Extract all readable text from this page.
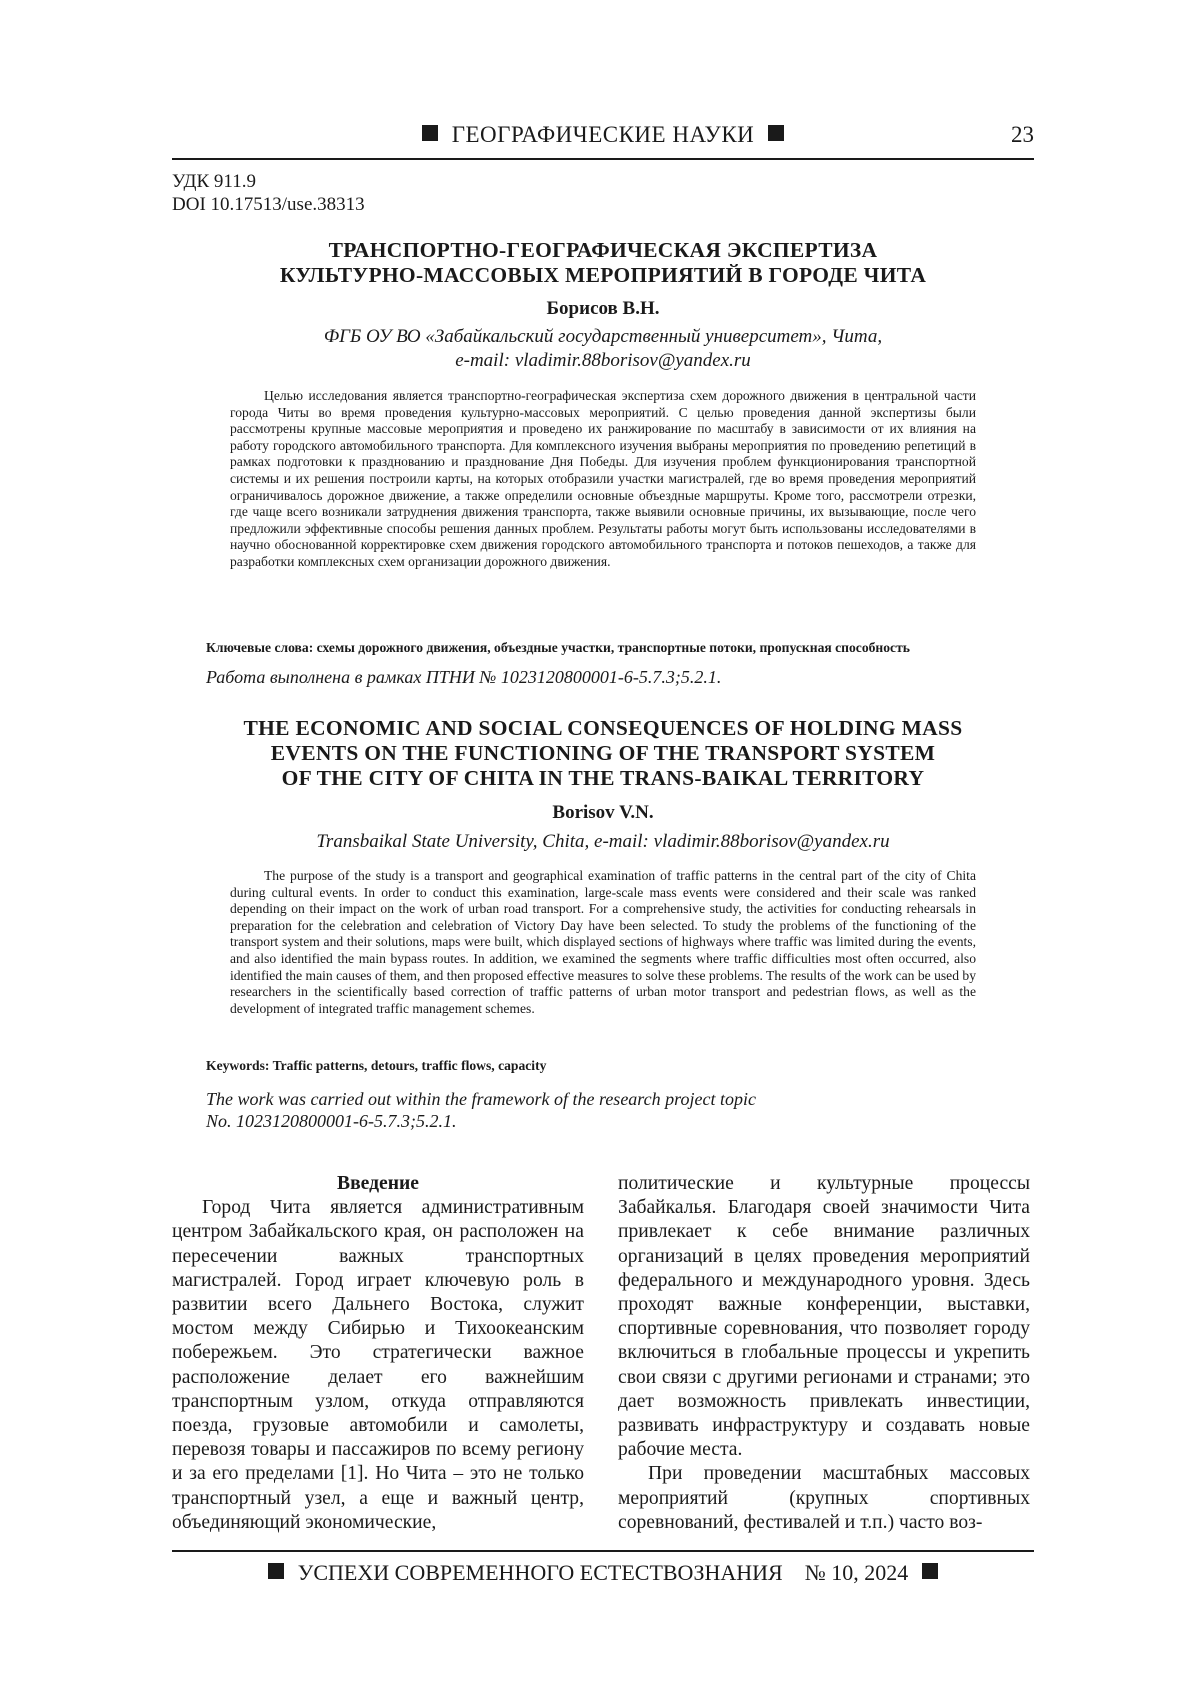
ГЕОГРАФИЧЕСКИЕ НАУКИ	23
УДК 911.9
DOI 10.17513/use.38313
ТРАНСПОРТНО-ГЕОГРАФИЧЕСКАЯ ЭКСПЕРТИЗА
КУЛЬТУРНО-МАССОВЫХ МЕРОПРИЯТИЙ В ГОРОДЕ ЧИТА
Борисов В.Н.
ФГБ ОУ ВО «Забайкальский государственный университет», Чита,
e-mail: vladimir.88borisov@yandex.ru

Целью исследования является транспортно-географическая экспертиза схем дорожного движения в центральной части города Читы во время проведения культурно-массовых мероприятий. С целью проведения данной экспертизы были рассмотрены крупные массовые мероприятия и проведено их ранжирование по масштабу в зависимости от их влияния на работу городского автомобильного транспорта. Для комплексного изучения выбраны мероприятия по проведению репетиций в рамках подготовки к празднованию и празднование Дня Победы. Для изучения проблем функционирования транспортной системы и их решения построили карты, на которых отобразили участки магистралей, где во время проведения мероприятий ограничивалось дорожное движение, а также определили основные объездные маршруты. Кроме того, рассмотрели отрезки, где чаще всего возникали затруднения движения транспорта, также выявили основные причины, их вызывающие, после чего предложили эффективные способы решения данных проблем. Результаты работы могут быть использованы исследователями в научно обоснованной корректировке схем движения городского автомобильного транспорта и потоков пешеходов, а также для разработки комплексных схем организации дорожного движения.

Ключевые слова: схемы дорожного движения, объездные участки, транспортные потоки, пропускная способность
Работа выполнена в рамках ПТНИ № 1023120800001-6-5.7.3;5.2.1.
THE ECONOMIC AND SOCIAL CONSEQUENCES OF HOLDING MASS
EVENTS ON THE FUNCTIONING OF THE TRANSPORT SYSTEM
OF THE CITY OF CHITA IN THE TRANS-BAIKAL TERRITORY
Borisov V.N.
Transbaikal State University, Chita, e-mail: vladimir.88borisov@yandex.ru

The purpose of the study is a transport and geographical examination of traffic patterns in the central part of the city of Chita during cultural events. In order to conduct this examination, large-scale mass events were considered and their scale was ranked depending on their impact on the work of urban road transport. For a comprehensive study, the activities for conducting rehearsals in preparation for the celebration and celebration of Victory Day have been selected. To study the problems of the functioning of the transport system and their solutions, maps were built, which displayed sections of highways where traffic was limited during the events, and also identified the main bypass routes. In addition, we examined the segments where traffic difficulties most often occurred, also identified the main causes of them, and then proposed effective measures to solve these problems. The results of the work can be used by researchers in the scientifically based correction of traffic patterns of urban motor transport and pedestrian flows, as well as the development of integrated traffic management schemes.

Keywords: Traffic patterns, detours, traffic flows, capacity
The work was carried out within the framework of the research project topic
No. 1023120800001-6-5.7.3;5.2.1.
Введение

Город Чита является административным центром Забайкальского края, он расположен на пересечении важных транспортных магистралей. Город играет ключевую роль в развитии всего Дальнего Востока, служит мостом между Сибирью и Тихоокеанским побережьем. Это стратегически важное расположение делает его важнейшим транспортным узлом, откуда отправляются поезда, грузовые автомобили и самолеты, перевозя товары и пассажиров по всему региону и за его пределами [1]. Но Чита – это не только транспортный узел, а еще и важный центр, объединяющий экономические,

политические и культурные процессы Забайкалья. Благодаря своей значимости Чита привлекает к себе внимание различных организаций в целях проведения мероприятий федерального и международного уровня. Здесь проходят важные конференции, выставки, спортивные соревнования, что позволяет городу включиться в глобальные процессы и укрепить свои связи с другими регионами и странами; это дает возможность привлекать инвестиции, развивать инфраструктуру и создавать новые рабочие места.

При проведении масштабных массовых мероприятий (крупных спортивных соревнований, фестивалей и т.п.) часто воз-

УСПЕХИ СОВРЕМЕННОГО ЕСТЕСТВОЗНАНИЯ № 10, 2024
